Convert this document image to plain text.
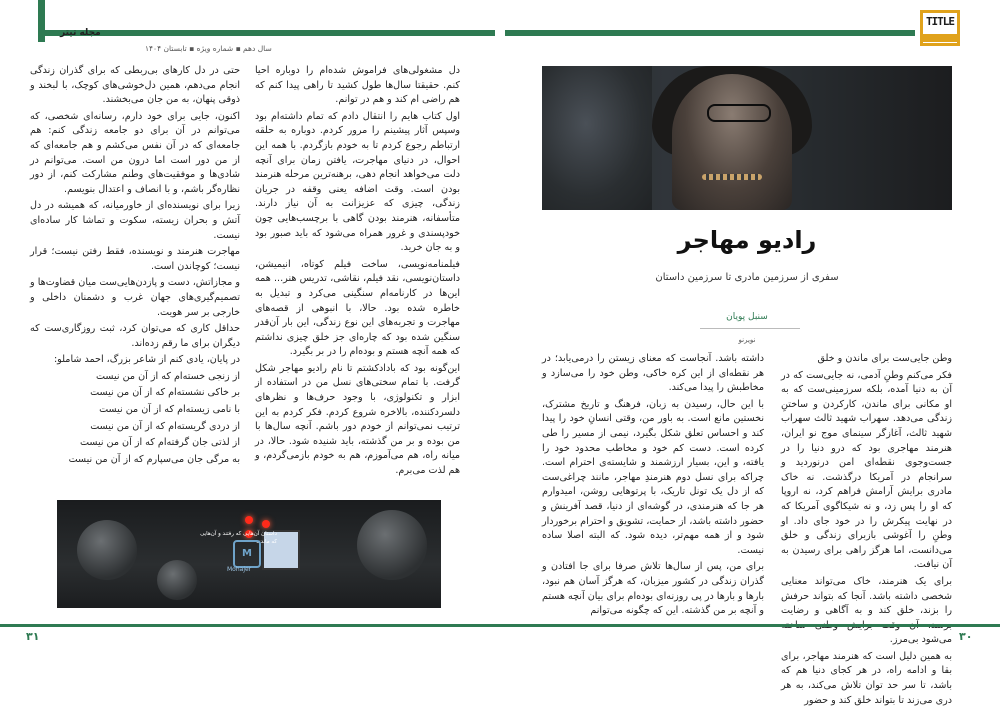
مجله تیتر
سال دهم ▪ شماره ویژه ▪ تابستان ۱۴۰۴
TITLE
رادیو مهاجر
سفری از سرزمین مادری تا سرزمین داستان
سنبل پویان
نویرنو

وطن جایی‌ست برای ماندن و خلق

فکر می‌کنم وطنِ آدمی، نه جایی‌ست که در آن به دنیا آمده، بلکه سرزمینی‌ست که به او مکانی برای ماندن، کارکردن و ساختنِ زندگی می‌دهد. سهراب شهید ثالث سهراب شهید ثالث، آغازگر سینمای موج نو ایران، هنرمند مهاجری بود که درو دنیا را در جست‌وجوی نقطه‌ای امن درنوردید و سرانجام در آمریکا درگذشت. نه خاک مادری برایش آرامش فراهم کرد، نه اروپا که او را پس زد، و نه شیکاگوی آمریکا که در نهایت پیکرش را در خود جای داد. او وطنِ را آغوشی بازبرای زندگی و خلق می‌دانست، اما هرگز راهی برای رسیدن به آن نیافت.

برای یک هنرمند، خاک می‌تواند معنایی شخصی داشته باشد. آنجا که بتواند حرفش را بزند، خلق کند و به آگاهی و رضایت می‌شود بی‌مرز.

به همین دلیل است که هنرمند مهاجر، برای بقا و ادامه راه، در هر کجای دنیا هم که باشد، تا سر حد توان تلاش می‌کند، به هر دری می‌زند تا بتواند خلق کند و حضور

داشته باشد. آنجاست که معنای زیستن را درمی‌یابد؛ در هر نقطه‌ای از این کره خاکی، وطن خود را می‌سازد و مخاطبش را پیدا می‌کند.

با این حال، رسیدن به زبان، فرهنگ و تاریخ مشترک، نخستین مانع است. به باور من، وقتی انسانِ خود را پیدا کند و احساس تعلق شکل بگیرد، نیمی از مسیر را طی کرده است. دست کم خود و مخاطب محدود خود را یافته، و این، بسیار ارزشمند و شایسته‌ی احترام است. چراکه برای نسل دوم هنرمندِ مهاجر، مانند چراغی‌ست که از دل یک تونل تاریک، با پرتوهایی روشن، امیدوارم هر جا که هنرمندی، در گوشه‌ای از دنیا، قصد آفرینش و حضور داشته باشد، از حمایت، تشویق و احترام برخوردار شود و از همه مهم‌تر، دیده شود. که البته اصلا ساده نیست.

برای من، پس از سال‌ها تلاش صرفا برای جا افتادن و گذران زندگی در کشور میزبان، که هرگز آسان هم نبود، بارها و بارها در پی روزنه‌ای بوده‌ام برای بیان آنچه هستم و آنچه بر من گذشته. این که چگونه می‌توانم

دل مشغولی‌های فراموش شده‌ام را دوباره احیا کنم. حقیقتا سال‌ها طول کشید تا راهی پیدا کنم که هم راضی ام کند و هم در توانم.

اول کتاب هایم را انتقال دادم که تمام داشته‌ام بود وسپس آثار پیشینم را مرور کردم. دوباره به حلقه ارتباطم رجوع کردم تا به خودم بازگردم. با همه این احوال، در دنیای مهاجرت، یافتن زمان برای آنچه دلت می‌خواهد انجام دهی، برهنه‌ترین مرحله هنرمند بودن است. وقت اضافه یعنی وقفه در جریان زندگی، چیزی که عزیزانت به آن نیاز دارند. متأسفانه، هنرمند بودن گاهی با برچسب‌هایی چون خودپسندی و غرور همراه می‌شود که باید صبور بود و به جان خرید.

فیلمنامه‌نویسی، ساخت فیلم کوتاه، انیمیشن، داستان‌نویسی، نقد فیلم، نقاشی، تدریس هنر... همه این‌ها در کارنامه‌ام سنگینی می‌کرد و تبدیل به خاطره شده بود. حالا، با انبوهی از قصه‌های مهاجرت و تجربه‌های این نوع زندگی، این بار آن‌قدر سنگین شده بود که چاره‌ای جز خلق چیزی نداشتم که همه آنچه هستم و بوده‌ام را در بر بگیرد.

این‌گونه بود که بادادکشتم تا نام رادیو مهاجر شکل گرفت. با تمام سختی‌های نسل من در استفاده از ابزار و تکنولوژی، با وجود حرف‌ها و نظرهای دلسردکننده، بالاخره شروع کردم. فکر کردم به این ترتیب نمی‌توانم از خودم دور باشم. آنچه سال‌ها با من بوده و بر من گذشته، باید شنیده شود. حالا، در میانه راه، هم می‌آموزم، هم به خودم بازمی‌گردم، و هم لذت می‌برم.

حتی در دل کارهای بی‌ربطی که برای گذران زندگی انجام می‌دهم، همین دل‌خوشی‌های کوچک، با لبخند و ذوقی پنهان، به من جان می‌بخشند.

اکنون، جایی برای خود دارم، رسانه‌ای شخصی، که می‌توانم در آن برای دو جامعه زندگی کنم: هم جامعه‌ای که در آن نفس می‌کشم و هم جامعه‌ای که از من دور است اما درون من است. می‌توانم در شادی‌ها و موفقیت‌های وطنم مشارکت کنم، از دور نظاره‌گر باشم، و با انصاف و اعتدال بنویسم.

زیرا برای نویسنده‌ای از خاورمیانه، که همیشه در دل آتش و بحران زیسته، سکوت و تماشا کار ساده‌ای نیست.

مهاجرت هنرمند و نویسنده، فقط رفتن نیست؛ قرار نیست؛ کوچاندن است.

و مجازاتش، دست و پازدن‌هایی‌ست میان قضاوت‌ها و تصمیم‌گیری‌های جهان غرب و دشمنان داخلی و خارجی بر سر هویت.

حداقل کاری که می‌توان کرد، ثبت روزگاری‌ست که دیگران برای ما رقم زده‌اند.

در پایان، یادی کنم از شاعر بزرگ، احمد شاملو:

از زنجی خسته‌ام که از آن من نیست

بر خاکی نشسته‌ام که از آن من نیست

با نامی زیسته‌ام که از آن من نیست

از دردی گریسته‌ام که از آن من نیست

از لذتی جان گرفته‌ام که از آن من نیست

به مرگی جان می‌سپارم که از آن من نیست

داستان آن‌هایی که رفتند و آن‌هایی که ماندند
M
Mohajer
۳۱	۳۰
